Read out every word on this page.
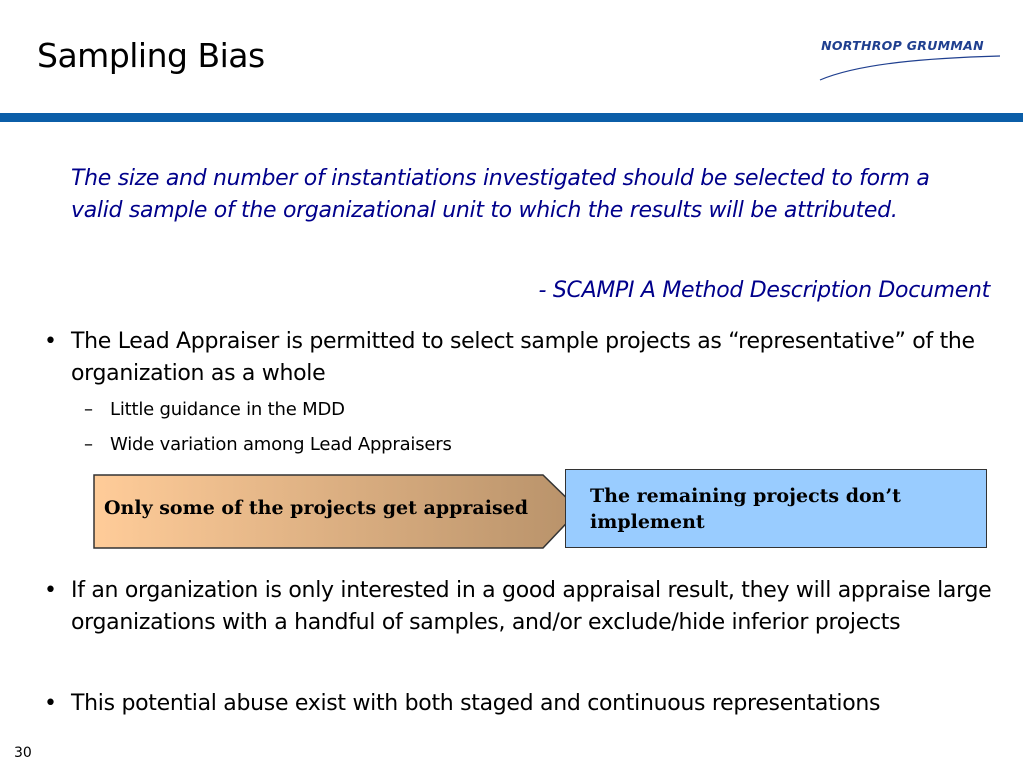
Sampling Bias	NORTHROP GRUMMAN
The size and number of instantiations investigated should be selected to form a valid sample of the organizational unit to which the results will be attributed.
- SCAMPI A Method Description Document
• The Lead Appraiser is permitted to select sample projects as “representative” of the organization as a whole
– Little guidance in the MDD
– Wide variation among Lead Appraisers
Only some of the projects get appraised
The remaining projects don’t implement
• If an organization is only interested in a good appraisal result, they will appraise large organizations with a handful of samples, and/or exclude/hide inferior projects
• This potential abuse exist with both staged and continuous representations
30
